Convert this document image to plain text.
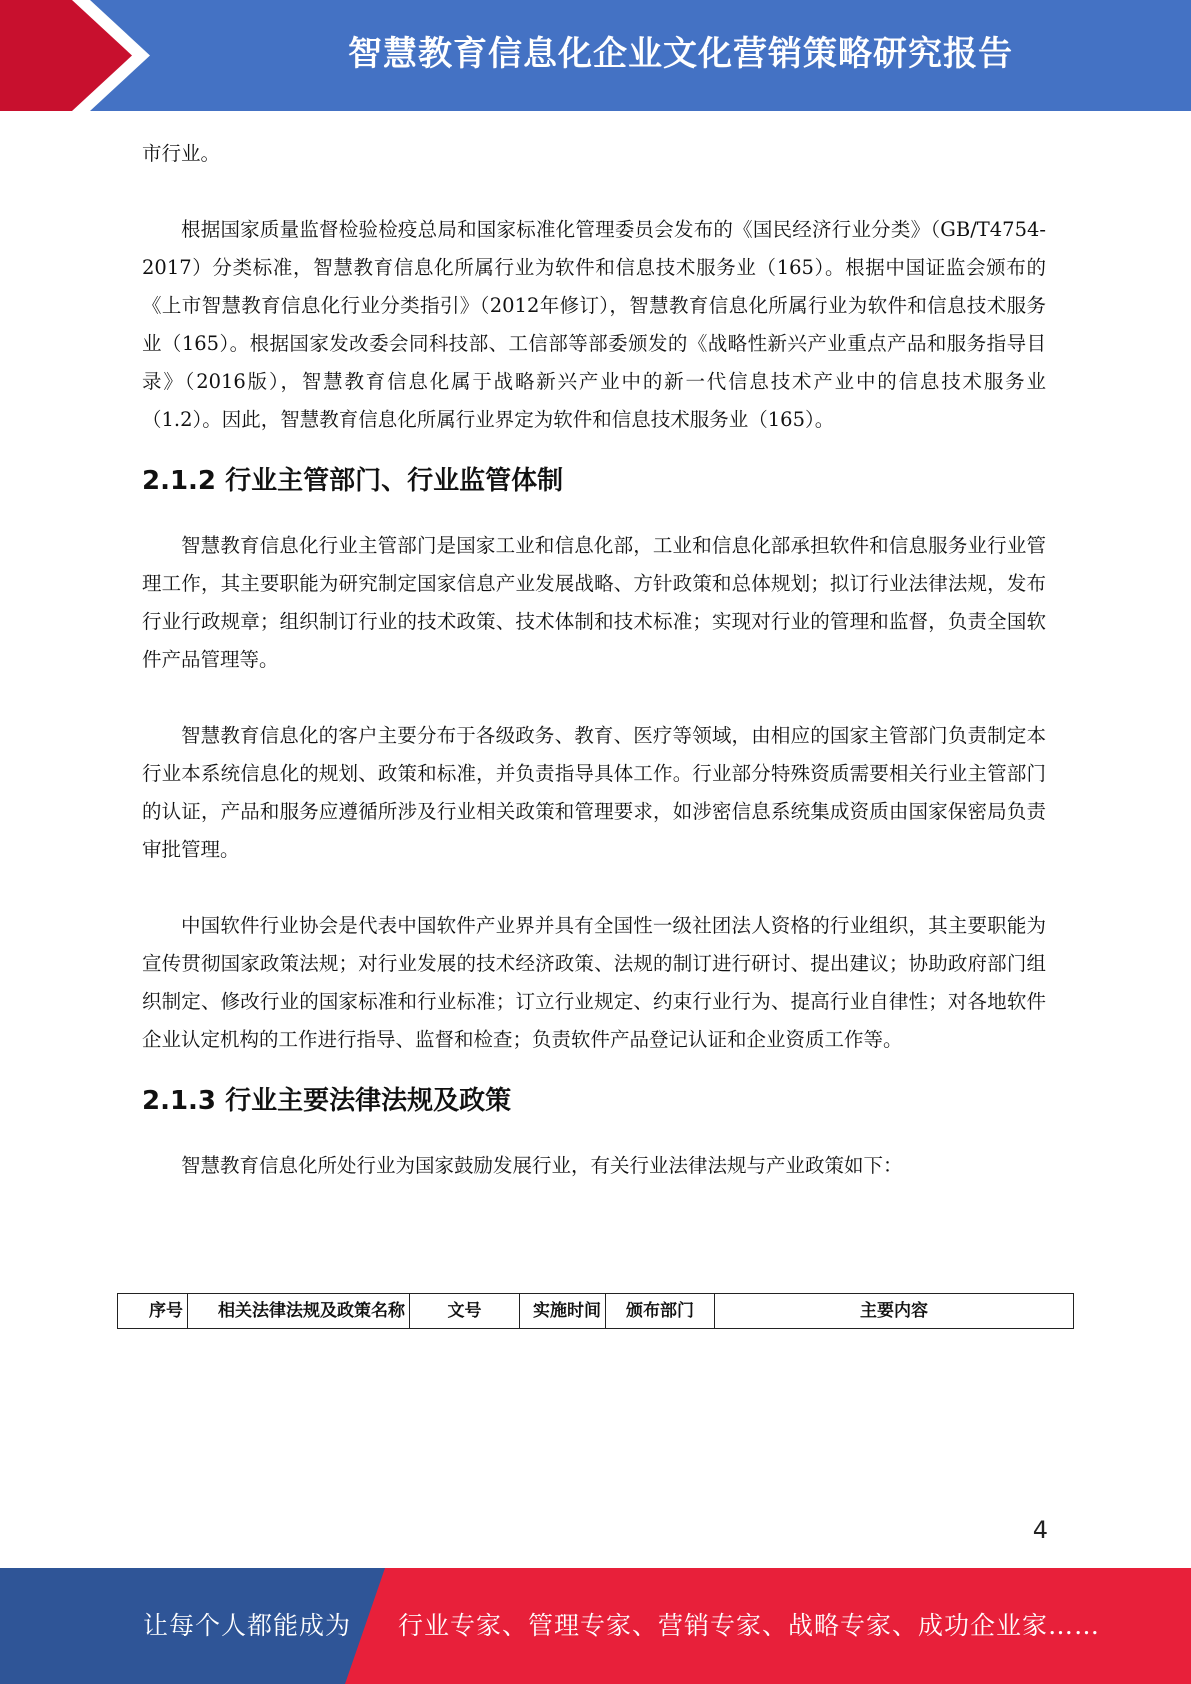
智慧教育信息化企业文化营销策略研究报告

市行业。

根据国家质量监督检验检疫总局和国家标准化管理委员会发布的《国民经济行业分类》（GB/T4754-2017）分类标准，智慧教育信息化所属行业为软件和信息技术服务业（165）。根据中国证监会颁布的《上市智慧教育信息化行业分类指引》（2012年修订），智慧教育信息化所属行业为软件和信息技术服务业（165）。根据国家发改委会同科技部、工信部等部委颁发的《战略性新兴产业重点产品和服务指导目录》（2016版），智慧教育信息化属于战略新兴产业中的新一代信息技术产业中的信息技术服务业（1.2）。因此，智慧教育信息化所属行业界定为软件和信息技术服务业（165）。

2.1.2 行业主管部门、行业监管体制

智慧教育信息化行业主管部门是国家工业和信息化部，工业和信息化部承担软件和信息服务业行业管理工作，其主要职能为研究制定国家信息产业发展战略、方针政策和总体规划；拟订行业法律法规，发布行业行政规章；组织制订行业的技术政策、技术体制和技术标准；实现对行业的管理和监督，负责全国软件产品管理等。

智慧教育信息化的客户主要分布于各级政务、教育、医疗等领域，由相应的国家主管部门负责制定本行业本系统信息化的规划、政策和标准，并负责指导具体工作。行业部分特殊资质需要相关行业主管部门的认证，产品和服务应遵循所涉及行业相关政策和管理要求，如涉密信息系统集成资质由国家保密局负责审批管理。

中国软件行业协会是代表中国软件产业界并具有全国性一级社团法人资格的行业组织，其主要职能为宣传贯彻国家政策法规；对行业发展的技术经济政策、法规的制订进行研讨、提出建议；协助政府部门组织制定、修改行业的国家标准和行业标准；订立行业规定、约束行业行为、提高行业自律性；对各地软件企业认定机构的工作进行指导、监督和检查；负责软件产品登记认证和企业资质工作等。

2.1.3 行业主要法律法规及政策

智慧教育信息化所处行业为国家鼓励发展行业，有关行业法律法规与产业政策如下：

序号	相关法律法规及政策名称	文号	实施时间	颁布部门	主要内容
4
让每个人都能成为 行业专家、管理专家、营销专家、战略专家、成功企业家……
